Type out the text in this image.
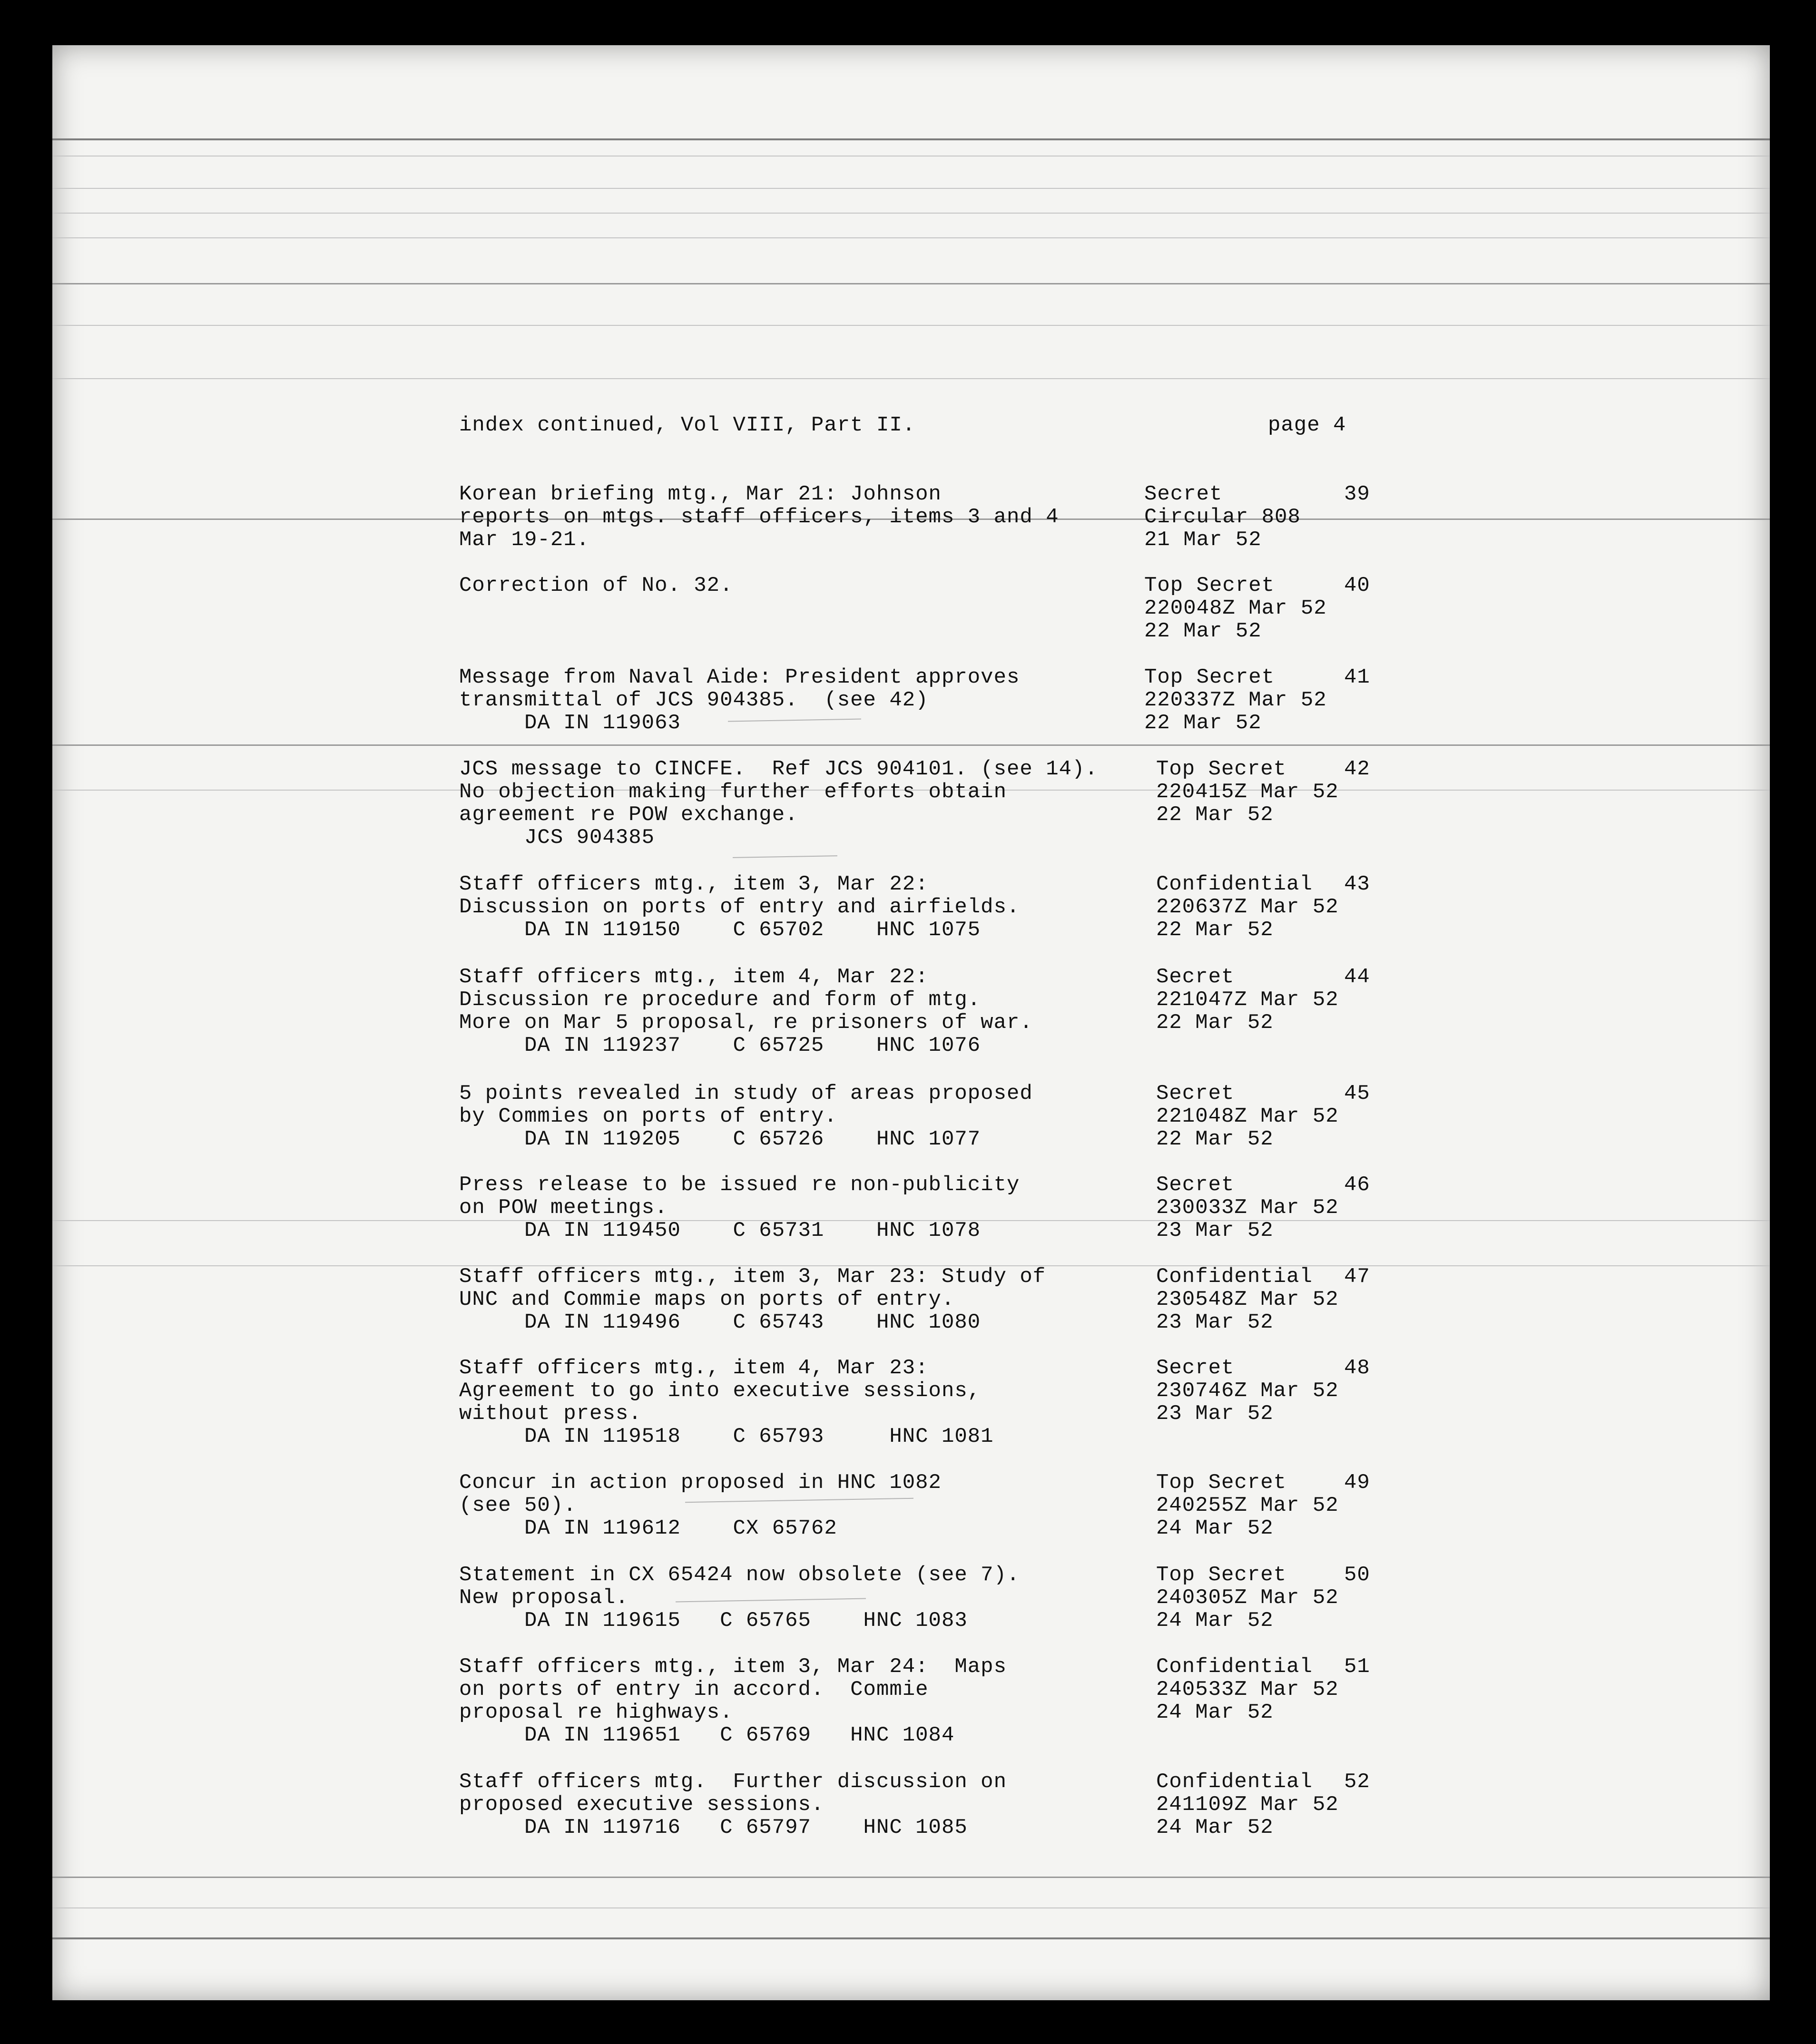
index continued, Vol VIII, Part II.	page 4
Korean briefing mtg., Mar 21: Johnson
reports on mtgs. staff officers, items 3 and 4
Mar 19-21.
Secret
Circular 808
21 Mar 52
39
Correction of No. 32.	Top Secret
220048Z Mar 52
22 Mar 52
40
Message from Naval Aide: President approves
transmittal of JCS 904385.  (see 42)
DA IN 119063
Top Secret
220337Z Mar 52
22 Mar 52
41
JCS message to CINCFE.  Ref JCS 904101. (see 14).
No objection making further efforts obtain
agreement re POW exchange.
JCS 904385
Top Secret
220415Z Mar 52
22 Mar 52
42
Staff officers mtg., item 3, Mar 22:
Discussion on ports of entry and airfields.
DA IN 119150    C 65702    HNC 1075
Confidential
220637Z Mar 52
22 Mar 52
43
Staff officers mtg., item 4, Mar 22:
Discussion re procedure and form of mtg.
More on Mar 5 proposal, re prisoners of war.
DA IN 119237    C 65725    HNC 1076
Secret
221047Z Mar 52
22 Mar 52
44
5 points revealed in study of areas proposed
by Commies on ports of entry.
DA IN 119205    C 65726    HNC 1077
Secret
221048Z Mar 52
22 Mar 52
45
Press release to be issued re non-publicity
on POW meetings.
DA IN 119450    C 65731    HNC 1078
Secret
230033Z Mar 52
23 Mar 52
46
Staff officers mtg., item 3, Mar 23: Study of
UNC and Commie maps on ports of entry.
DA IN 119496    C 65743    HNC 1080
Confidential
230548Z Mar 52
23 Mar 52
47
Staff officers mtg., item 4, Mar 23:
Agreement to go into executive sessions,
without press.
DA IN 119518    C 65793     HNC 1081
Secret
230746Z Mar 52
23 Mar 52
48
Concur in action proposed in HNC 1082
(see 50).
DA IN 119612    CX 65762
Top Secret
240255Z Mar 52
24 Mar 52
49
Statement in CX 65424 now obsolete (see 7).
New proposal.
DA IN 119615   C 65765    HNC 1083
Top Secret
240305Z Mar 52
24 Mar 52
50
Staff officers mtg., item 3, Mar 24:  Maps
on ports of entry in accord.  Commie
proposal re highways.
DA IN 119651   C 65769   HNC 1084
Confidential
240533Z Mar 52
24 Mar 52
51
Staff officers mtg.  Further discussion on
proposed executive sessions.
DA IN 119716   C 65797    HNC 1085
Confidential
241109Z Mar 52
24 Mar 52
52
